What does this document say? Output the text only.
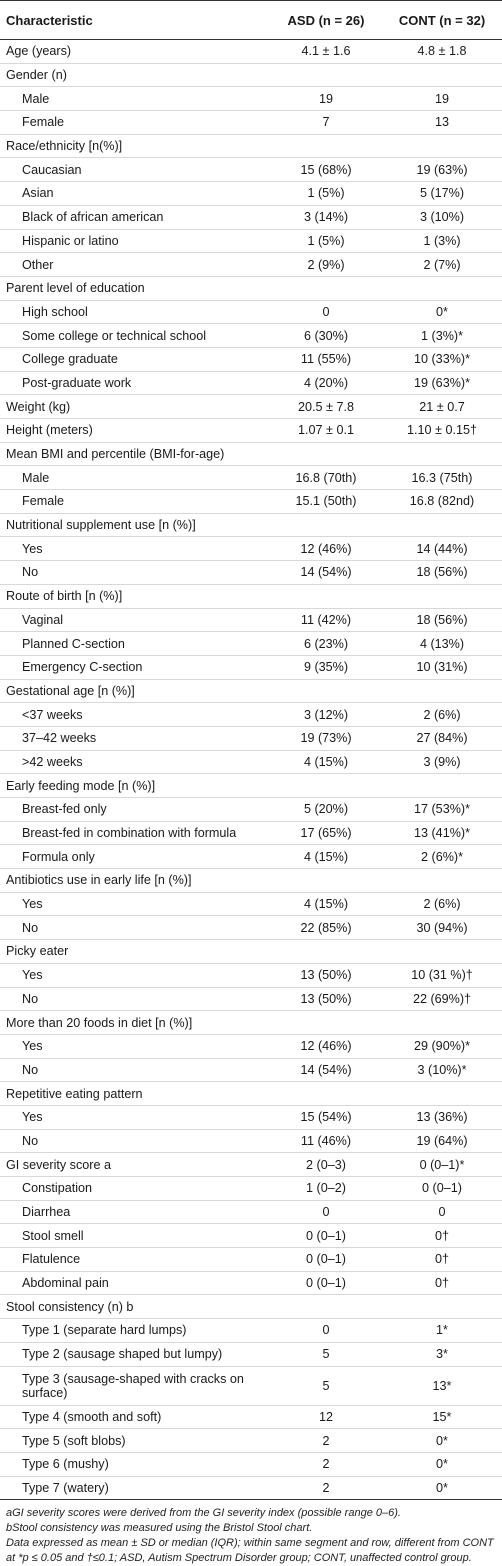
Characteristic	ASD (n = 26)	CONT (n = 32)
Age (years)	4.1 ± 1.6	4.8 ± 1.8
Gender (n)		
Male	19	19
Female	7	13
Race/ethnicity [n(%)]		
Caucasian	15 (68%)	19 (63%)
Asian	1 (5%)	5 (17%)
Black of african american	3 (14%)	3 (10%)
Hispanic or latino	1 (5%)	1 (3%)
Other	2 (9%)	2 (7%)
Parent level of education		
High school	0	0*
Some college or technical school	6 (30%)	1 (3%)*
College graduate	11 (55%)	10 (33%)*
Post-graduate work	4 (20%)	19 (63%)*
Weight (kg)	20.5 ± 7.8	21 ± 0.7
Height (meters)	1.07 ± 0.1	1.10 ± 0.15†
Mean BMI and percentile (BMI-for-age)		
Male	16.8 (70th)	16.3 (75th)
Female	15.1 (50th)	16.8 (82nd)
Nutritional supplement use [n (%)]		
Yes	12 (46%)	14 (44%)
No	14 (54%)	18 (56%)
Route of birth [n (%)]		
Vaginal	11 (42%)	18 (56%)
Planned C-section	6 (23%)	4 (13%)
Emergency C-section	9 (35%)	10 (31%)
Gestational age [n (%)]		
<37 weeks	3 (12%)	2 (6%)
37–42 weeks	19 (73%)	27 (84%)
>42 weeks	4 (15%)	3 (9%)
Early feeding mode [n (%)]		
Breast-fed only	5 (20%)	17 (53%)*
Breast-fed in combination with formula	17 (65%)	13 (41%)*
Formula only	4 (15%)	2 (6%)*
Antibiotics use in early life [n (%)]		
Yes	4 (15%)	2 (6%)
No	22 (85%)	30 (94%)
Picky eater		
Yes	13 (50%)	10 (31 %)†
No	13 (50%)	22 (69%)†
More than 20 foods in diet [n (%)]		
Yes	12 (46%)	29 (90%)*
No	14 (54%)	3 (10%)*
Repetitive eating pattern		
Yes	15 (54%)	13 (36%)
No	11 (46%)	19 (64%)
GI severity score a	2 (0–3)	0 (0–1)*
Constipation	1 (0–2)	0 (0–1)
Diarrhea	0	0
Stool smell	0 (0–1)	0†
Flatulence	0 (0–1)	0†
Abdominal pain	0 (0–1)	0†
Stool consistency (n) b		
Type 1 (separate hard lumps)	0	1*
Type 2 (sausage shaped but lumpy)	5	3*
Type 3 (sausage-shaped with cracks on surface)	5	13*
Type 4 (smooth and soft)	12	15*
Type 5 (soft blobs)	2	0*
Type 6 (mushy)	2	0*
Type 7 (watery)	2	0*

aGI severity scores were derived from the GI severity index (possible range 0–6).

bStool consistency was measured using the Bristol Stool chart.

Data expressed as mean ± SD or median (IQR); within same segment and row, different from CONT at *p ≤ 0.05 and †≤0.1; ASD, Autism Spectrum Disorder group; CONT, unaffected control group.
